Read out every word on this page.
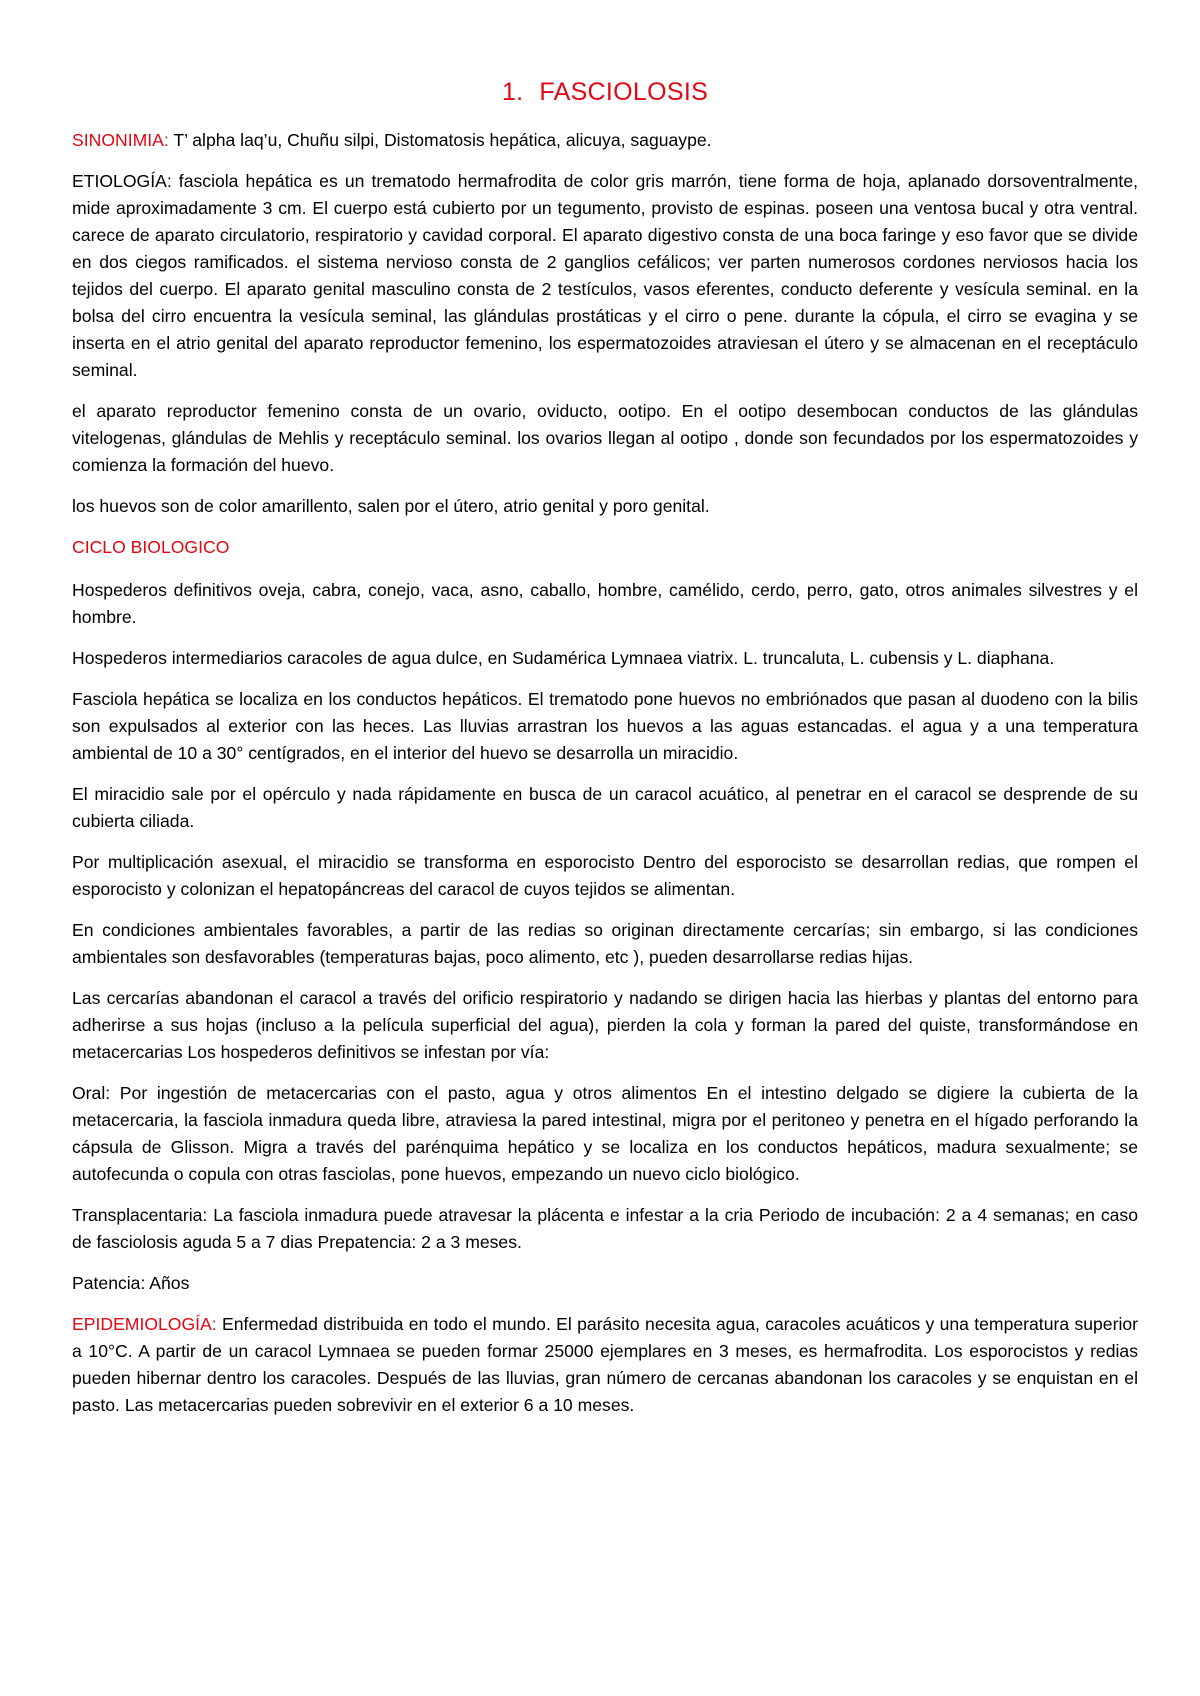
1. FASCIOLOSIS

SINONIMIA: T’ alpha laq’u, Chuñu silpi, Distomatosis hepática, alicuya, saguaype.

ETIOLOGÍA: fasciola hepática es un trematodo hermafrodita de color gris marrón, tiene forma de hoja, aplanado dorsoventralmente, mide aproximadamente 3 cm. El cuerpo está cubierto por un tegumento, provisto de espinas. poseen una ventosa bucal y otra ventral. carece de aparato circulatorio, respiratorio y cavidad corporal. El aparato digestivo consta de una boca faringe y eso favor que se divide en dos ciegos ramificados. el sistema nervioso consta de 2 ganglios cefálicos; ver parten numerosos cordones nerviosos hacia los tejidos del cuerpo. El aparato genital masculino consta de 2 testículos, vasos eferentes, conducto deferente y vesícula seminal. en la bolsa del cirro encuentra la vesícula seminal, las glándulas prostáticas y el cirro o pene. durante la cópula, el cirro se evagina y se inserta en el atrio genital del aparato reproductor femenino, los espermatozoides atraviesan el útero y se almacenan en el receptáculo seminal.

el aparato reproductor femenino consta de un ovario, oviducto, ootipo. En el ootipo desembocan conductos de las glándulas vitelogenas, glándulas de Mehlis y receptáculo seminal. los ovarios llegan al ootipo , donde son fecundados por los espermatozoides y comienza la formación del huevo.

los huevos son de color amarillento, salen por el útero, atrio genital y poro genital.

CICLO BIOLOGICO

Hospederos definitivos oveja, cabra, conejo, vaca, asno, caballo, hombre, camélido, cerdo, perro, gato, otros animales silvestres y el hombre.

Hospederos intermediarios caracoles de agua dulce, en Sudamérica Lymnaea viatrix. L. truncaluta, L. cubensis y L. diaphana.

Fasciola hepática se localiza en los conductos hepáticos. El trematodo pone huevos no embriónados que pasan al duodeno con la bilis son expulsados al exterior con las heces. Las lluvias arrastran los huevos a las aguas estancadas. el agua y a una temperatura ambiental de 10 a 30° centígrados, en el interior del huevo se desarrolla un miracidio.

El miracidio sale por el opérculo y nada rápidamente en busca de un caracol acuático, al penetrar en el caracol se desprende de su cubierta ciliada.

Por multiplicación asexual, el miracidio se transforma en esporocisto Dentro del esporocisto se desarrollan redias, que rompen el esporocisto y colonizan el hepatopáncreas del caracol de cuyos tejidos se alimentan.

En condiciones ambientales favorables, a partir de las redias so originan directamente cercarías; sin embargo, si las condiciones ambientales son desfavorables (temperaturas bajas, poco alimento, etc ), pueden desarrollarse redias hijas.

Las cercarías abandonan el caracol a través del orificio respiratorio y nadando se dirigen hacia las hierbas y plantas del entorno para adherirse a sus hojas (incluso a la película superficial del agua), pierden la cola y forman la pared del quiste, transformándose en metacercarias Los hospederos definitivos se infestan por vía:

Oral: Por ingestión de metacercarias con el pasto, agua y otros alimentos En el intestino delgado se digiere la cubierta de la metacercaria, la fasciola inmadura queda libre, atraviesa la pared intestinal, migra por el peritoneo y penetra en el hígado perforando la cápsula de Glisson. Migra a través del parénquima hepático y se localiza en los conductos hepáticos, madura sexualmente; se autofecunda o copula con otras fasciolas, pone huevos, empezando un nuevo ciclo biológico.

Transplacentaria: La fasciola inmadura puede atravesar la plácenta e infestar a la cria Periodo de incubación: 2 a 4 semanas; en caso de fasciolosis aguda 5 a 7 dias Prepatencia: 2 a 3 meses.

Patencia: Años

EPIDEMIOLOGÍA: Enfermedad distribuida en todo el mundo. El parásito necesita agua, caracoles acuáticos y una temperatura superior a 10°C. A partir de un caracol Lymnaea se pueden formar 25000 ejemplares en 3 meses, es hermafrodita. Los esporocistos y redias pueden hibernar dentro los caracoles. Después de las lluvias, gran número de cercanas abandonan los caracoles y se enquistan en el pasto. Las metacercarias pueden sobrevivir en el exterior 6 a 10 meses.
